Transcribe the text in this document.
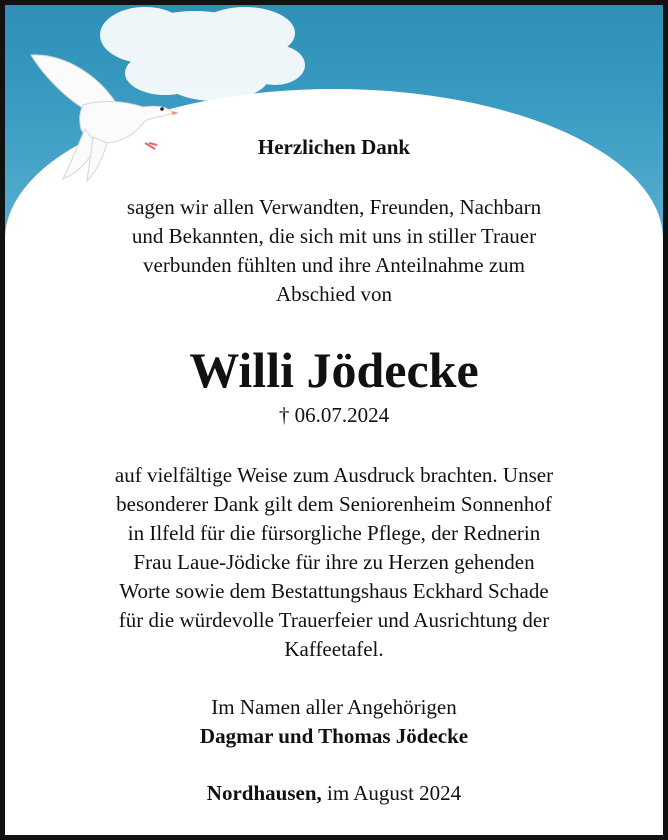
Herzlichen Dank
sagen wir allen Verwandten, Freunden, Nachbarn
und Bekannten, die sich mit uns in stiller Trauer
verbunden fühlten und ihre Anteilnahme zum
Abschied von
Willi Jödecke
† 06.07.2024
auf vielfältige Weise zum Ausdruck brachten. Unser
besonderer Dank gilt dem Seniorenheim Sonnenhof
in Ilfeld für die fürsorgliche Pflege, der Rednerin
Frau Laue-Jödicke für ihre zu Herzen gehenden
Worte sowie dem Bestattungshaus Eckhard Schade
für die würdevolle Trauerfeier und Ausrichtung der
Kaffeetafel.
Im Namen aller Angehörigen
Dagmar und Thomas Jödecke
Nordhausen, im August 2024
